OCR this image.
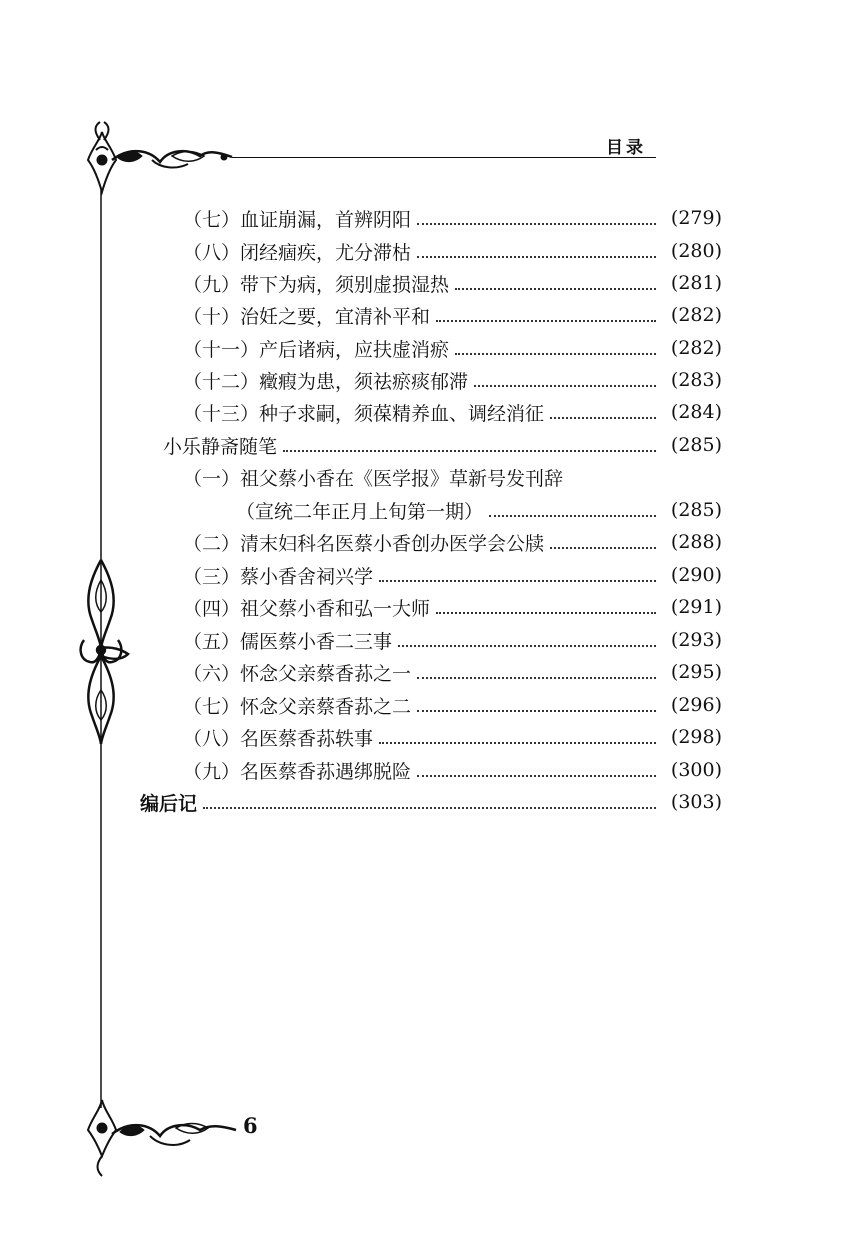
目录
（七）血证崩漏，首辨阴阳	(279)
（八）闭经痼疾，尤分滞枯	(280)
（九）带下为病，须别虚损湿热	(281)
（十）治妊之要，宜清补平和	(282)
（十一）产后诸病，应扶虚消瘀	(282)
（十二）癥瘕为患，须祛瘀痰郁滞	(283)
（十三）种子求嗣，须葆精养血、调经消征	(284)
小乐静斋随笔	(285)
（一）祖父蔡小香在《医学报》草新号发刊辞
（宣统二年正月上旬第一期）	(285)
（二）清末妇科名医蔡小香创办医学会公牍	(288)
（三）蔡小香舍祠兴学	(290)
（四）祖父蔡小香和弘一大师	(291)
（五）儒医蔡小香二三事	(293)
（六）怀念父亲蔡香荪之一	(295)
（七）怀念父亲蔡香荪之二	(296)
（八）名医蔡香荪轶事	(298)
（九）名医蔡香荪遇绑脱险	(300)
编后记	(303)
6
